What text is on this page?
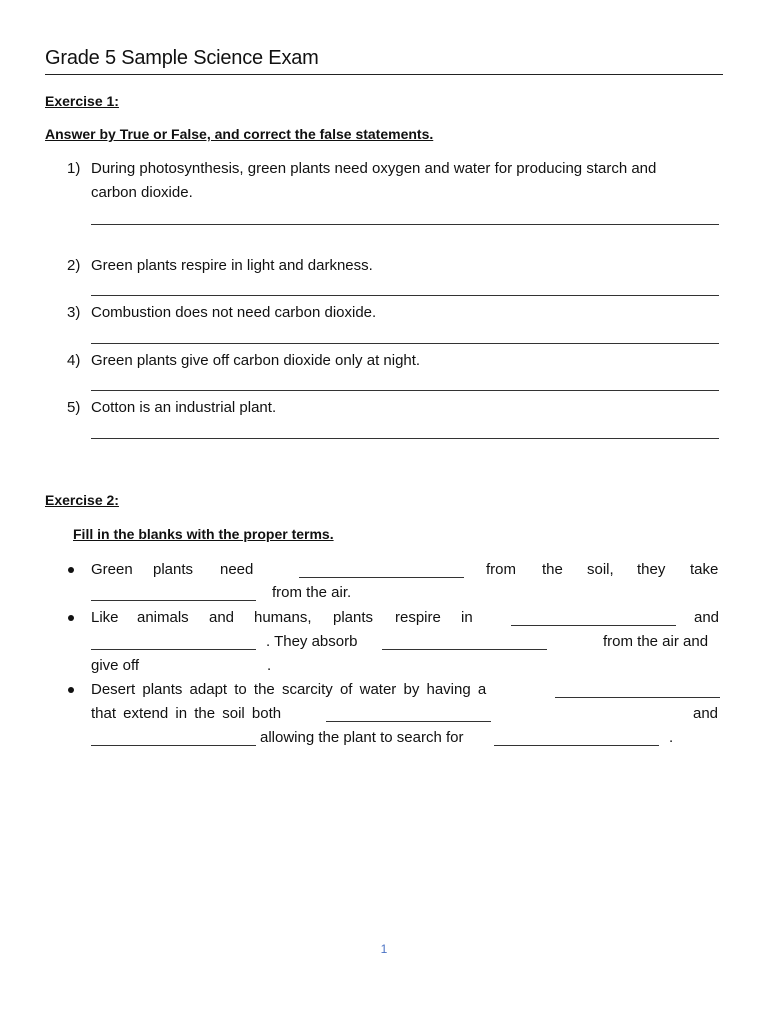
Grade 5 Sample Science Exam
Exercise 1:
Answer by True or False, and correct the false statements.
1) During photosynthesis, green plants need oxygen and water for producing starch and
carbon dioxide.
2) Green plants respire in light and darkness.
3) Combustion does not need carbon dioxide.
4) Green plants give off carbon dioxide only at night.
5) Cotton is an industrial plant.
Exercise 2:
Fill in the blanks with the proper terms.
Green plants need	from the soil, they take
from the air.
Like animals and humans, plants respire in	and
. They absorb	from the air and
give off	.
Desert plants adapt to the scarcity of water by having a
that extend in the soil both	and
allowing the plant to search for	.
1
